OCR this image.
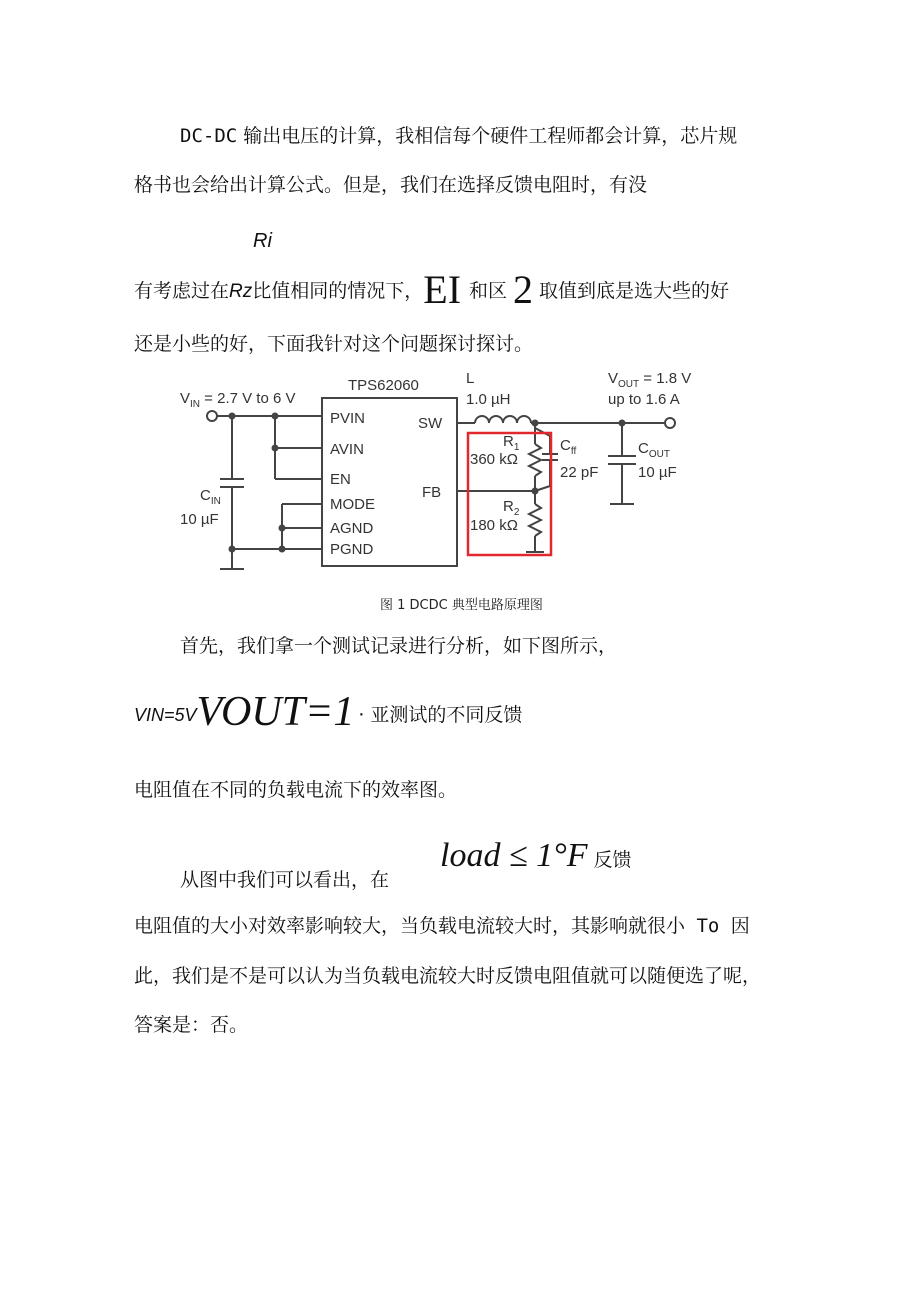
DC-DC 输出电压的计算，我相信每个硬件工程师都会计算，芯片规
格书也会给出计算公式。但是，我们在选择反馈电阻时，有没
Ri
有考虑过在Rz比值相同的情况下，EI 和区 2 取值到底是选大些的好
还是小些的好，下面我针对这个问题探讨探讨。
$V_{IN} = 2.7$ V to 6 V
TPS62060
PVIN
AVIN
EN
MODE
AGND
PGND
SW
FB
L
1.0 µH
$V_{OUT} = 1.8$ V
up to 1.6 A
$R_1$
360 kΩ
$R_2$
180 kΩ
$C_{ff}$
22 pF
$C_{OUT}$
10 µF
$C_{IN}$
10 µF
图 1 DCDC 典型电路原理图
首先，我们拿一个测试记录进行分析，如下图所示，
VIN=5VVOUT=1 · 亚测试的不同反馈
电阻值在不同的负载电流下的效率图。
load ≤ 1°F 反馈
从图中我们可以看出，在
电阻值的大小对效率影响较大，当负载电流较大时，其影响就很小 To 因
此，我们是不是可以认为当负载电流较大时反馈电阻值就可以随便选了呢，
答案是：否。
